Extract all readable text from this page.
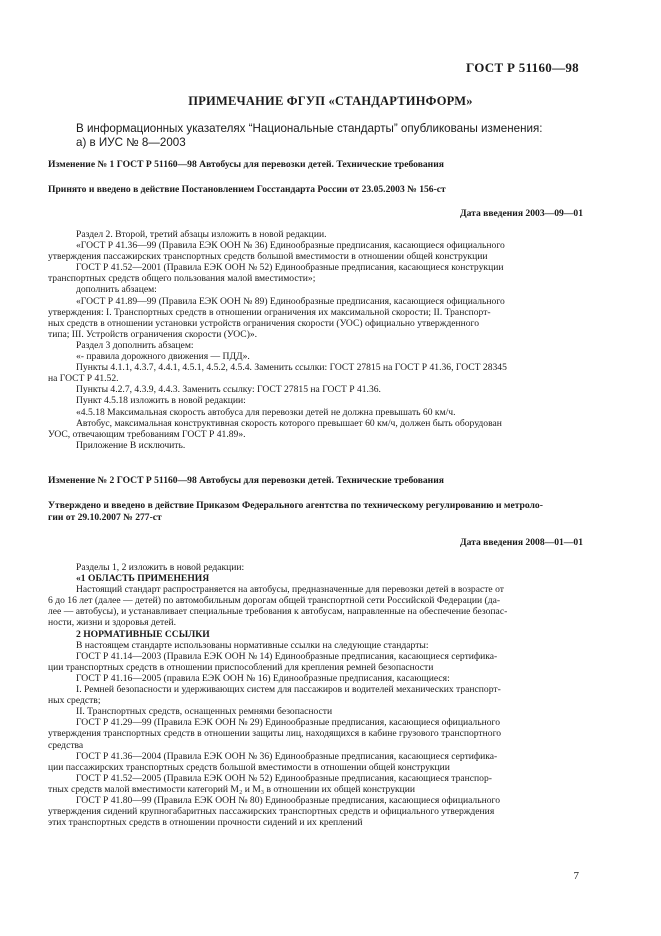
ГОСТ Р 51160—98
ПРИМЕЧАНИЕ ФГУП «СТАНДАРТИНФОРМ»

В информационных указателях “Национальные стандарты” опубликованы изменения:

а) в ИУС № 8—2003

Изменение № 1 ГОСТ Р 51160—98 Автобусы для перевозки детей. Технические требования
Принято и введено в действие Постановлением Госстандарта России от 23.05.2003 № 156-ст
Дата введения 2003—09—01

Раздел 2. Второй, третий абзацы изложить в новой редакции.

«ГОСТ Р 41.36—99 (Правила ЕЭК ООН № 36) Единообразные предписания, касающиеся официального

утверждения пассажирских транспортных средств большой вместимости в отношении общей конструкции

ГОСТ Р 41.52—2001 (Правила ЕЭК ООН № 52) Единообразные предписания, касающиеся конструкции

транспортных средств общего пользования малой вместимости»;

дополнить абзацем:

«ГОСТ Р 41.89—99 (Правила ЕЭК ООН № 89) Единообразные предписания, касающиеся официального

утверждения: I. Транспортных средств в отношении ограничения их максимальной скорости; II. Транспорт-

ных средств в отношении установки устройств ограничения скорости (УОС) официально утвержденного

типа; III. Устройств ограничения скорости (УОС)».

Раздел 3 дополнить абзацем:

«- правила дорожного движения — ПДД».

Пункты 4.1.1, 4.3.7, 4.4.1, 4.5.1, 4.5.2, 4.5.4. Заменить ссылки: ГОСТ 27815 на ГОСТ Р 41.36, ГОСТ 28345

на ГОСТ Р 41.52.

Пункты 4.2.7, 4.3.9, 4.4.3. Заменить ссылку: ГОСТ 27815 на ГОСТ Р 41.36.

Пункт 4.5.18 изложить в новой редакции:

«4.5.18 Максимальная скорость автобуса для перевозки детей не должна превышать 60 км/ч.

Автобус, максимальная конструктивная скорость которого превышает 60 км/ч, должен быть оборудован

УОС, отвечающим требованиям ГОСТ Р 41.89».

Приложение В исключить.

Изменение № 2 ГОСТ Р 51160—98 Автобусы для перевозки детей. Технические требования
Утверждено и введено в действие Приказом Федерального агентства по техническому регулированию и метроло-
гии от 29.10.2007 № 277-ст
Дата введения 2008—01—01

Разделы 1, 2 изложить в новой редакции:

«1 ОБЛАСТЬ ПРИМЕНЕНИЯ

Настоящий стандарт распространяется на автобусы, предназначенные для перевозки детей в возрасте от

6 до 16 лет (далее — детей) по автомобильным дорогам общей транспортной сети Российской Федерации (да-

лее — автобусы), и устанавливает специальные требования к автобусам, направленные на обеспечение безопас-

ности, жизни и здоровья детей.

2 НОРМАТИВНЫЕ ССЫЛКИ

В настоящем стандарте использованы нормативные ссылки на следующие стандарты:

ГОСТ Р 41.14—2003 (Правила ЕЭК ООН № 14) Единообразные предписания, касающиеся сертифика-

ции транспортных средств в отношении приспособлений для крепления ремней безопасности

ГОСТ Р 41.16—2005 (правила ЕЭК ООН № 16) Единообразные предписания, касающиеся:

I. Ремней безопасности и удерживающих систем для пассажиров и водителей механических транспорт-

ных средств;

II. Транспортных средств, оснащенных ремнями безопасности

ГОСТ Р 41.29—99 (Правила ЕЭК ООН № 29) Единообразные предписания, касающиеся официального

утверждения транспортных средств в отношении защиты лиц, находящихся в кабине грузового транспортного

средства

ГОСТ Р 41.36—2004 (Правила ЕЭК ООН № 36) Единообразные предписания, касающиеся сертифика-

ции пассажирских транспортных средств большой вместимости в отношении общей конструкции

ГОСТ Р 41.52—2005 (Правила ЕЭК ООН № 52) Единообразные предписания, касающиеся транспор-

тных средств малой вместимости категорий M₂ и M₃ в отношении их общей конструкции

ГОСТ Р 41.80—99 (Правила ЕЭК ООН № 80) Единообразные предписания, касающиеся официального

утверждения сидений крупногабаритных пассажирских транспортных средств и официального утверждения

этих транспортных средств в отношении прочности сидений и их креплений

7
